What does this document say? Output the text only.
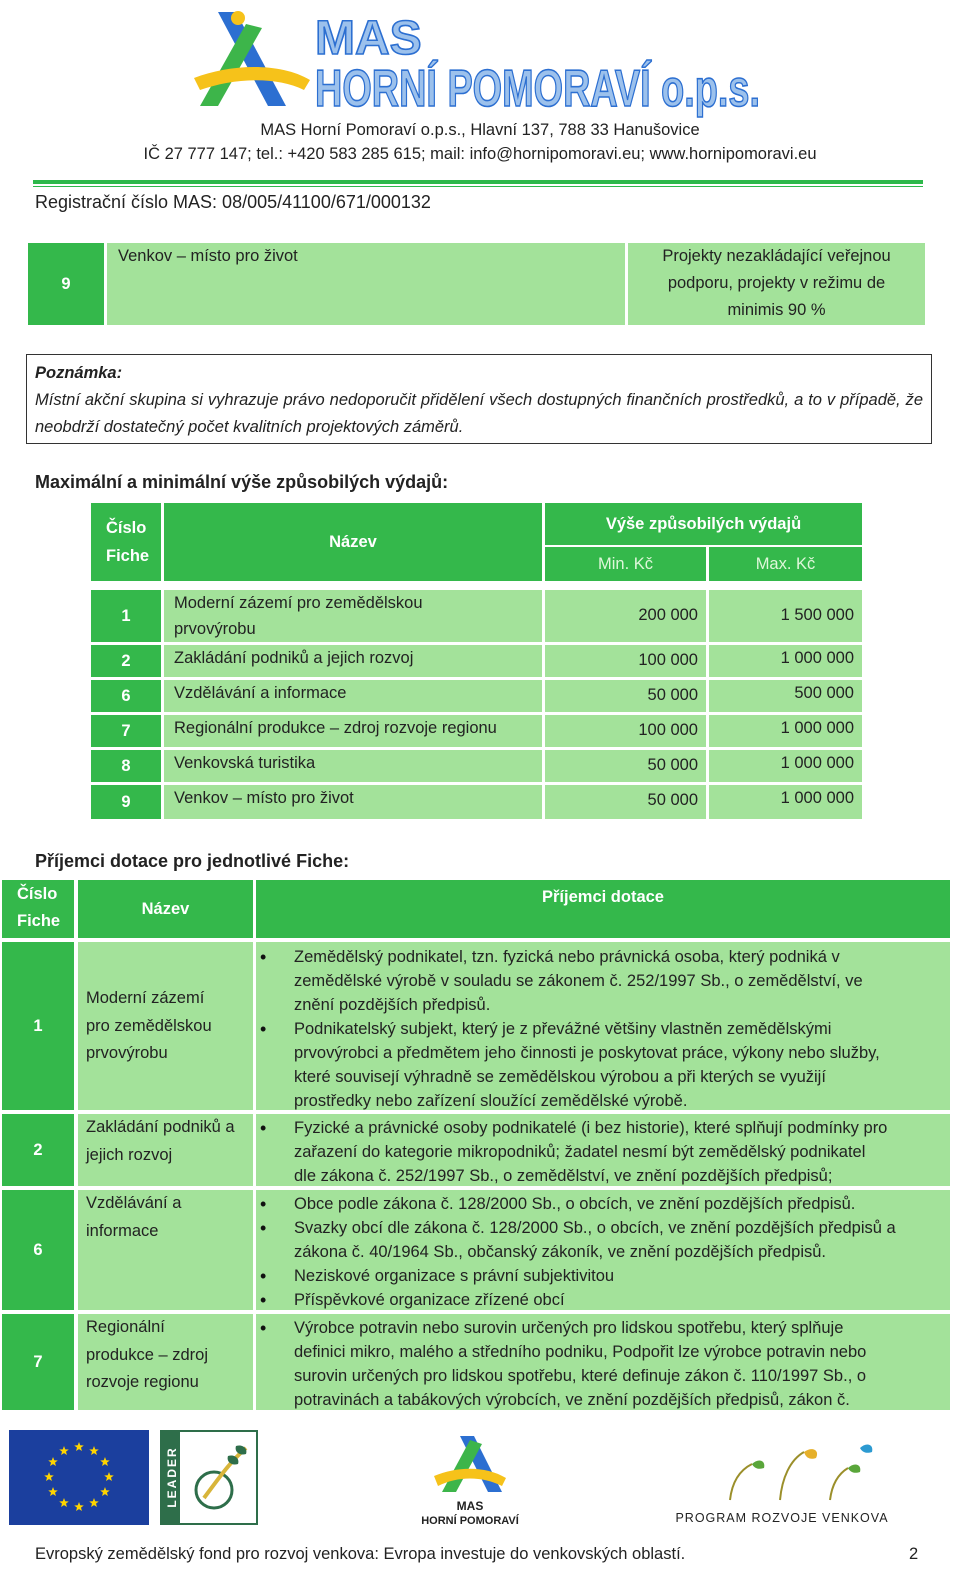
MAS
HORNÍ POMORAVÍ o.p.s.
MAS Horní Pomoraví o.p.s., Hlavní 137, 788 33 Hanušovice
IČ 27 777 147; tel.: +420 583 285 615; mail: info@hornipomoravi.eu; www.hornipomoravi.eu
Registrační číslo MAS: 08/005/41100/671/000132
9
Venkov – místo pro život	Projekty nezakládající veřejnou
podporu, projekty v režimu de
minimis 90 %
Poznámka:
Místní akční skupina si vyhrazuje právo nedoporučit přidělení všech dostupných finančních prostředků, a to v případě, že neobdrží dostatečný počet kvalitních projektových záměrů.
Maximální a minimální výše způsobilých výdajů:
Číslo
Fiche
Název
Výše způsobilých výdajů
Min. Kč	Max. Kč
1
Moderní zázemí pro zemědělskou
prvovýrobu
200 000	1 500 000
2	Zakládání podniků a jejich rozvoj	100 000	1 000 000
6	Vzdělávání a informace	50 000	500 000
7	Regionální produkce – zdroj rozvoje regionu	100 000	1 000 000
8	Venkovská turistika	50 000	1 000 000
9	Venkov – místo pro život	50 000	1 000 000
Příjemci dotace pro jednotlivé Fiche:
Číslo
Fiche
Název
Příjemci dotace
1
Moderní zázemí
pro zemědělskou
prvovýrobu
• Zemědělský podnikatel, tzn. fyzická nebo právnická osoba, který podniká v
zemědělské výrobě v souladu se zákonem č. 252/1997 Sb., o zemědělství, ve
znění pozdějších předpisů.
• Podnikatelský subjekt, který je z převážné většiny vlastněn zemědělskými
prvovýrobci a předmětem jeho činnosti je poskytovat práce, výkony nebo služby,
které souvisejí výhradně se zemědělskou výrobou a při kterých se využijí
prostředky nebo zařízení sloužící zemědělské výrobě.
2
Zakládání podniků a
jejich rozvoj
• Fyzické a právnické osoby podnikatelé (i bez historie), které splňují podmínky pro
zařazení do kategorie mikropodniků; žadatel nesmí být zemědělský podnikatel
dle zákona č. 252/1997 Sb., o zemědělství, ve znění pozdějších předpisů;
6
Vzdělávání a
informace
• Obce podle zákona č. 128/2000 Sb., o obcích, ve znění pozdějších předpisů.
• Svazky obcí dle zákona č. 128/2000 Sb., o obcích, ve znění pozdějších předpisů a
zákona č. 40/1964 Sb., občanský zákoník, ve znění pozdějších předpisů.
• Neziskové organizace s právní subjektivitou
• Příspěvkové organizace zřízené obcí
7
Regionální
produkce – zdroj
rozvoje regionu
• Výrobce potravin nebo surovin určených pro lidskou spotřebu, který splňuje
definici mikro, malého a středního podniku, Podpořit lze výrobce potravin nebo
surovin určených pro lidskou spotřebu, které definuje zákon č. 110/1997 Sb., o
potravinách a tabákových výrobcích, ve znění pozdějších předpisů, zákon č.
LEADER	MAS
HORNÍ POMORAVÍ	PROGRAM ROZVOJE VENKOVA
Evropský zemědělský fond pro rozvoj venkova: Evropa investuje do venkovských oblastí.	2
